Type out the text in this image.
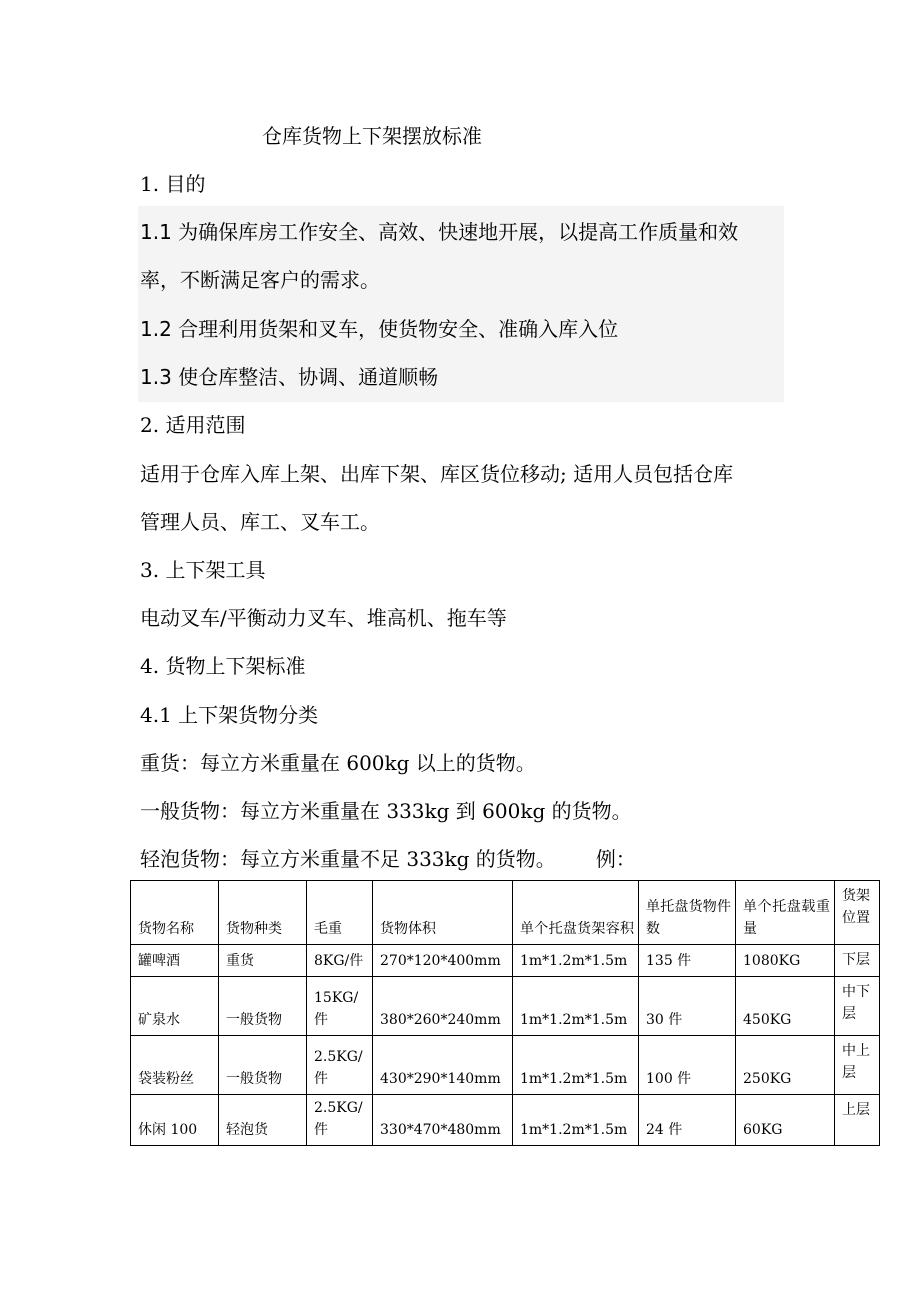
仓库货物上下架摆放标准
1. 目的
1.1 为确保库房工作安全、高效、快速地开展，以提高工作质量和效
率，不断满足客户的需求。
1.2 合理利用货架和叉车，使货物安全、准确入库入位
1.3 使仓库整洁、协调、通道顺畅
2. 适用范围
适用于仓库入库上架、出库下架、库区货位移动; 适用人员包括仓库
管理人员、库工、叉车工。
3. 上下架工具
电动叉车/平衡动力叉车、堆高机、拖车等
4. 货物上下架标准
4.1 上下架货物分类
重货：每立方米重量在 600kg 以上的货物。
一般货物：每立方米重量在 333kg 到 600kg 的货物。
轻泡货物：每立方米重量不足 333kg 的货物。 例：
货物名称	货物种类	毛重	货物体积	单个托盘货架容积	单托盘货物件数	单个托盘载重量	货架位置
罐啤酒	重货	8KG/件	270*120*400mm	1m*1.2m*1.5m	135 件	1080KG	下层
矿泉水	一般货物	15KG/件	380*260*240mm	1m*1.2m*1.5m	30 件	450KG	中下层
袋装粉丝	一般货物	2.5KG/件	430*290*140mm	1m*1.2m*1.5m	100 件	250KG	中上层
休闲 100	轻泡货	2.5KG/件	330*470*480mm	1m*1.2m*1.5m	24 件	60KG	上层
